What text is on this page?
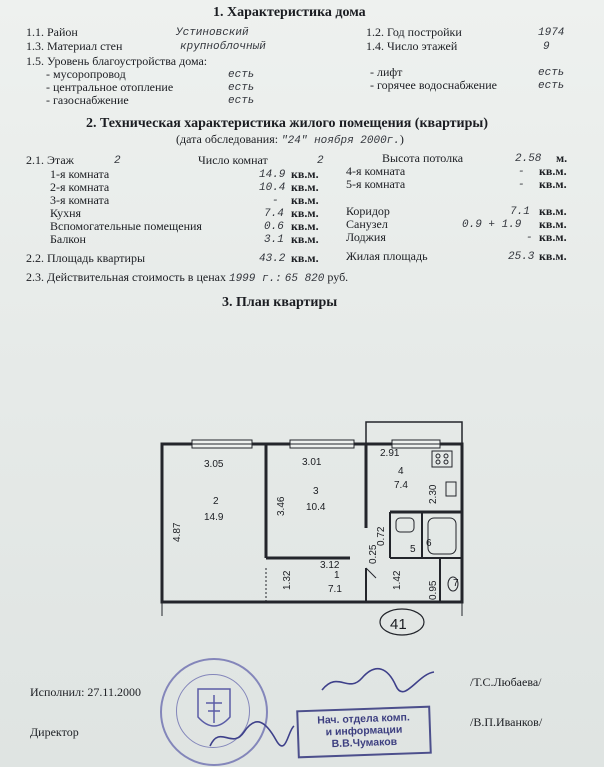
1. Характеристика дома
1.1. Район	Устиновский
1.3. Материал стен	крупноблочный
1.2. Год постройки	1974
1.4. Число этажей	9
1.5. Уровень благоустройства дома:
- мусоропровод	есть
- центральное отопление	есть
- газоснабжение	есть
- лифт	есть
- горячее водоснабжение	есть
2. Техническая характеристика жилого помещения (квартиры)
(дата обследования: "24" ноября 2000г.)
2.1. Этаж	2	Число комнат	2	Высота потолка	2.58 м.
1-я комната	14.9 кв.м.
2-я комната	10.4 кв.м.
3-я комната	- кв.м.
Кухня	7.4 кв.м.
Вспомогательные помещения	0.6 кв.м.
Балкон	3.1 кв.м.
4-я комната	- кв.м.
5-я комната	- кв.м.
Коридор	7.1 кв.м.
Санузел	0.9 + 1.9 кв.м.
Лоджия	- кв.м.
2.2. Площадь квартиры	43.2 кв.м. Жилая площадь	25.3 кв.м.
2.3. Действительная стоимость в ценах 1999 г.: 65 820 руб.
3. План квартиры
3.05	3.01
2.91
4.87
3.46
2.30
3.12
1.32	1.42
0.72
0.25
0.95
2
14.9
3
10.4
4
7.4
1
7.1
5
6
7
41
Исполнил: 27.11.2000
/Т.С.Любаева/
Директор
/В.П.Иванков/
Нач. отдела комп.
и информации
В.В.Чумаков
